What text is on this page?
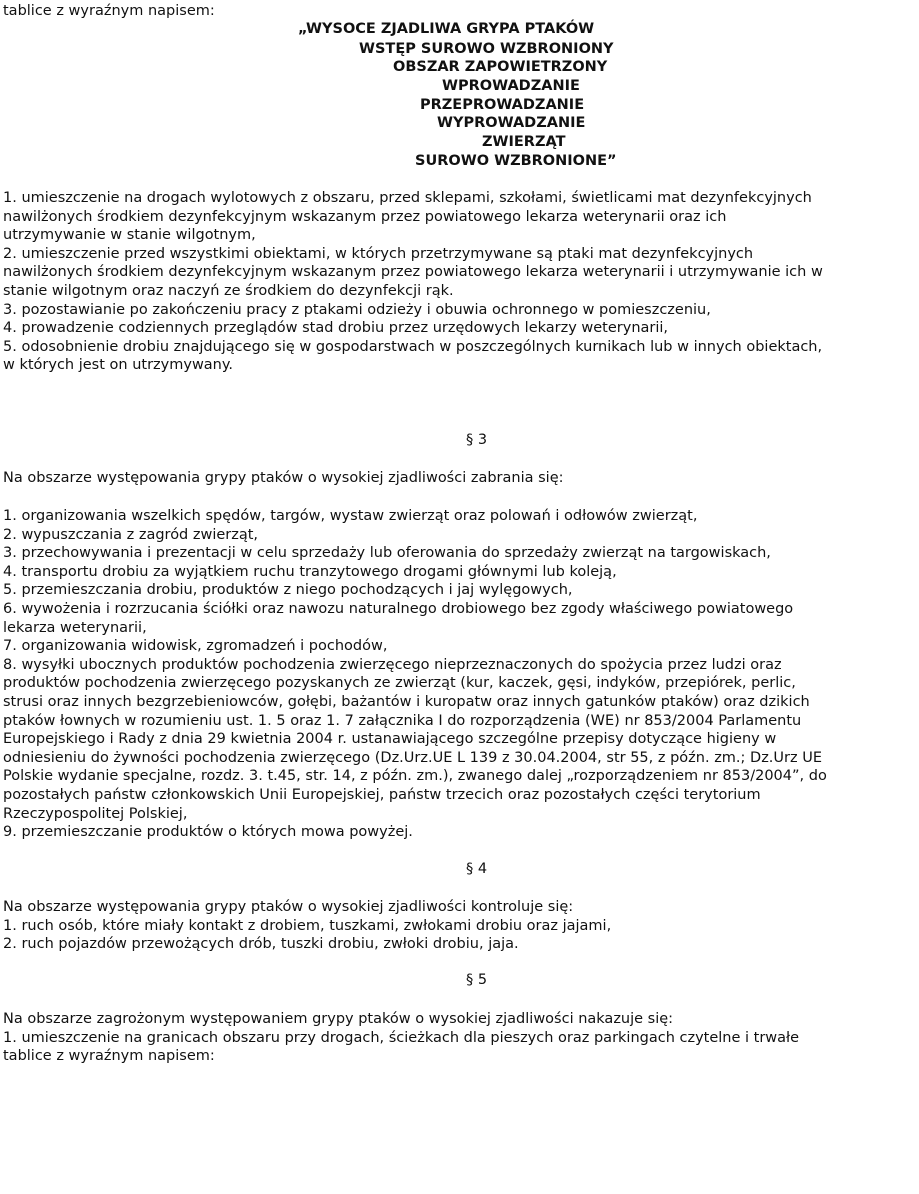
tablice z wyraźnym napisem:
„WYSOCE ZJADLIWA GRYPA PTAKÓW
WSTĘP SUROWO WZBRONIONY
OBSZAR ZAPOWIETRZONY
WPROWADZANIE
PRZEPROWADZANIE
WYPROWADZANIE
ZWIERZĄT
SUROWO WZBRONIONE”
1. umieszczenie na drogach wylotowych z obszaru, przed sklepami, szkołami, świetlicami mat dezynfekcyjnych
nawilżonych środkiem dezynfekcyjnym wskazanym przez powiatowego lekarza weterynarii oraz ich
utrzymywanie w stanie wilgotnym,
2. umieszczenie przed wszystkimi obiektami, w których przetrzymywane są ptaki mat dezynfekcyjnych
nawilżonych środkiem dezynfekcyjnym wskazanym przez powiatowego lekarza weterynarii i utrzymywanie ich w
stanie wilgotnym oraz naczyń ze środkiem do dezynfekcji rąk.
3. pozostawianie po zakończeniu pracy z ptakami odzieży i obuwia ochronnego w pomieszczeniu,
4. prowadzenie codziennych przeglądów stad drobiu przez urzędowych lekarzy weterynarii,
5. odosobnienie drobiu znajdującego się w gospodarstwach w poszczególnych kurnikach lub w innych obiektach,
w których jest on utrzymywany.
§ 3
Na obszarze występowania grypy ptaków o wysokiej zjadliwości zabrania się:
1. organizowania wszelkich spędów, targów, wystaw zwierząt oraz polowań i odłowów zwierząt,
2. wypuszczania z zagród zwierząt,
3. przechowywania i prezentacji w celu sprzedaży lub oferowania do sprzedaży zwierząt na targowiskach,
4. transportu drobiu za wyjątkiem ruchu tranzytowego drogami głównymi lub koleją,
5. przemieszczania drobiu, produktów z niego pochodzących i jaj wylęgowych,
6. wywożenia i rozrzucania ściółki oraz nawozu naturalnego drobiowego bez zgody właściwego powiatowego
lekarza weterynarii,
7. organizowania widowisk, zgromadzeń i pochodów,
8. wysyłki ubocznych produktów pochodzenia zwierzęcego nieprzeznaczonych do spożycia przez ludzi oraz
produktów pochodzenia zwierzęcego pozyskanych ze zwierząt (kur, kaczek, gęsi, indyków, przepiórek, perlic,
strusi oraz innych bezgrzebieniowców, gołębi, bażantów i kuropatw oraz innych gatunków ptaków) oraz dzikich
ptaków łownych w rozumieniu ust. 1. 5 oraz 1. 7 załącznika I do rozporządzenia (WE) nr 853/2004 Parlamentu
Europejskiego i Rady z dnia 29 kwietnia 2004 r. ustanawiającego szczególne przepisy dotyczące higieny w
odniesieniu do żywności pochodzenia zwierzęcego (Dz.Urz.UE L 139 z 30.04.2004, str 55, z późn. zm.; Dz.Urz UE
Polskie wydanie specjalne, rozdz. 3. t.45, str. 14, z późn. zm.), zwanego dalej „rozporządzeniem nr 853/2004”, do
pozostałych państw członkowskich Unii Europejskiej, państw trzecich oraz pozostałych części terytorium
Rzeczypospolitej Polskiej,
9. przemieszczanie produktów o których mowa powyżej.
§ 4
Na obszarze występowania grypy ptaków o wysokiej zjadliwości kontroluje się:
1. ruch osób, które miały kontakt z drobiem, tuszkami, zwłokami drobiu oraz jajami,
2. ruch pojazdów przewożących drób, tuszki drobiu, zwłoki drobiu, jaja.
§ 5
Na obszarze zagrożonym występowaniem grypy ptaków o wysokiej zjadliwości nakazuje się:
1. umieszczenie na granicach obszaru przy drogach, ścieżkach dla pieszych oraz parkingach czytelne i trwałe
tablice z wyraźnym napisem:
